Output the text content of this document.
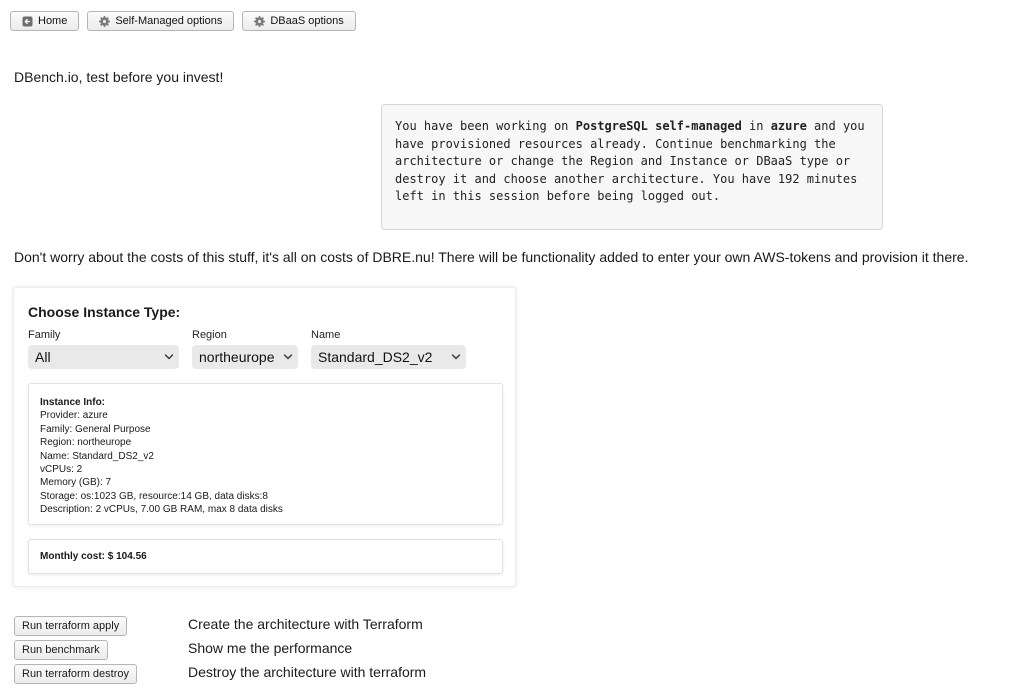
Home	Self-Managed options	DBaaS options
DBench.io, test before you invest!
You have been working on PostgreSQL self-managed in azure and you have provisioned resources already. Continue benchmarking the architecture or change the Region and Instance or DBaaS type or destroy it and choose another architecture. You have 192 minutes left in this session before being logged out.
Don't worry about the costs of this stuff, it's all on costs of DBRE.nu! There will be functionality added to enter your own AWS-tokens and provision it there.
Choose Instance Type:
Family
All
Region
northeurope
Name
Standard_DS2_v2
Instance Info:
Provider: azure
Family: General Purpose
Region: northeurope
Name: Standard_DS2_v2
vCPUs: 2
Memory (GB): 7
Storage: os:1023 GB, resource:14 GB, data disks:8
Description: 2 vCPUs, 7.00 GB RAM, max 8 data disks
Monthly cost: $ 104.56
Run terraform apply	Create the architecture with Terraform
Run benchmark	Show me the performance
Run terraform destroy	Destroy the architecture with terraform
